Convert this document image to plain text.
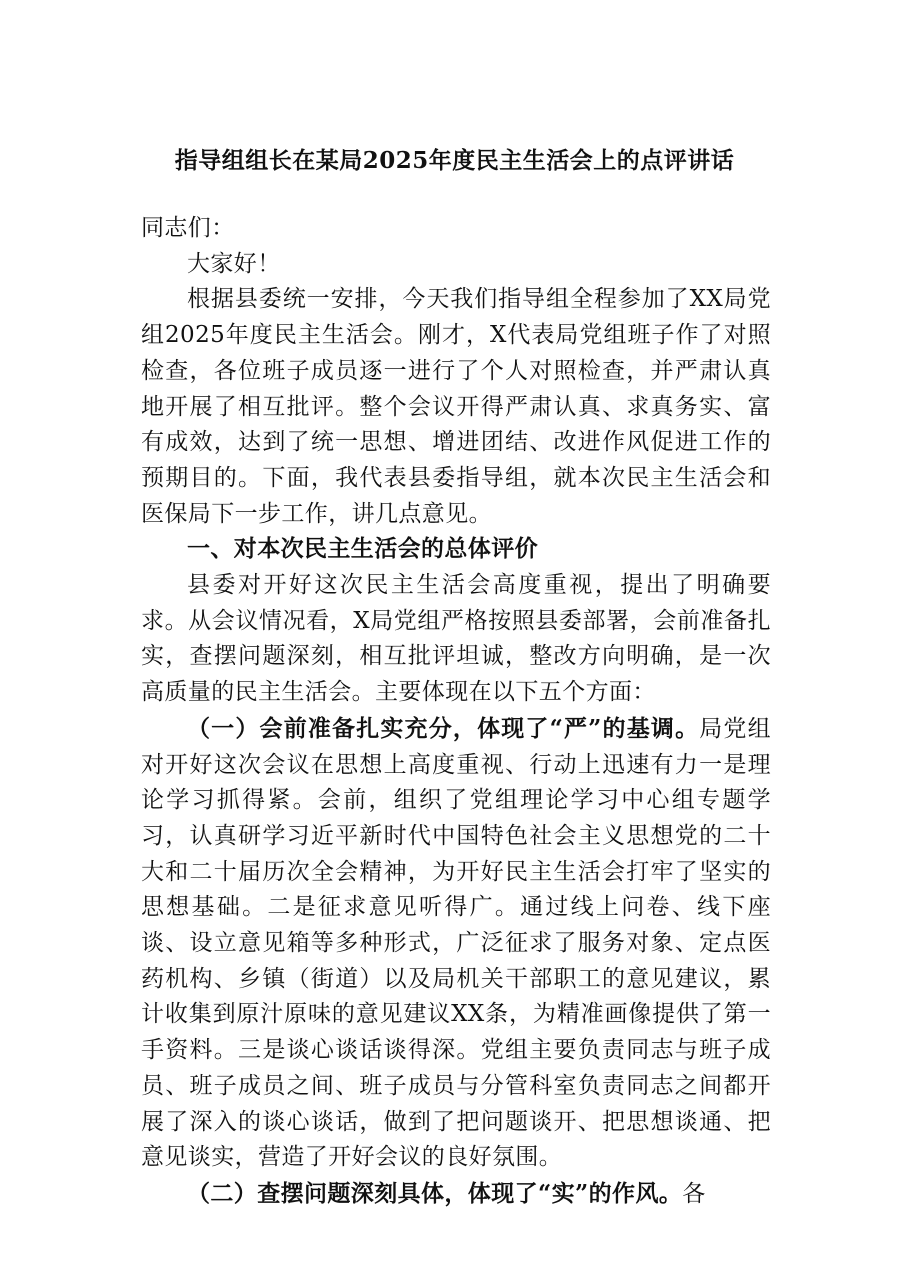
指导组组长在某局2025年度民主生活会上的点评讲话

同志们：

大家好！

根据县委统一安排，今天我们指导组全程参加了XX局党组2025年度民主生活会。刚才，X代表局党组班子作了对照检查，各位班子成员逐一进行了个人对照检查，并严肃认真地开展了相互批评。整个会议开得严肃认真、求真务实、富有成效，达到了统一思想、增进团结、改进作风促进工作的预期目的。下面，我代表县委指导组，就本次民主生活会和医保局下一步工作，讲几点意见。

一、对本次民主生活会的总体评价

县委对开好这次民主生活会高度重视，提出了明确要求。从会议情况看，X局党组严格按照县委部署，会前准备扎实，查摆问题深刻，相互批评坦诚，整改方向明确，是一次高质量的民主生活会。主要体现在以下五个方面：

（一）会前准备扎实充分，体现了“严”的基调。局党组对开好这次会议在思想上高度重视、行动上迅速有力一是理论学习抓得紧。会前，组织了党组理论学习中心组专题学习，认真研学习近平新时代中国特色社会主义思想党的二十大和二十届历次全会精神，为开好民主生活会打牢了坚实的思想基础。二是征求意见听得广。通过线上问卷、线下座谈、设立意见箱等多种形式，广泛征求了服务对象、定点医药机构、乡镇（街道）以及局机关干部职工的意见建议，累计收集到原汁原味的意见建议XX条，为精准画像提供了第一手资料。三是谈心谈话谈得深。党组主要负责同志与班子成员、班子成员之间、班子成员与分管科室负责同志之间都开展了深入的谈心谈话，做到了把问题谈开、把思想谈通、把意见谈实，营造了开好会议的良好氛围。

（二）查摆问题深刻具体，体现了“实”的作风。各
